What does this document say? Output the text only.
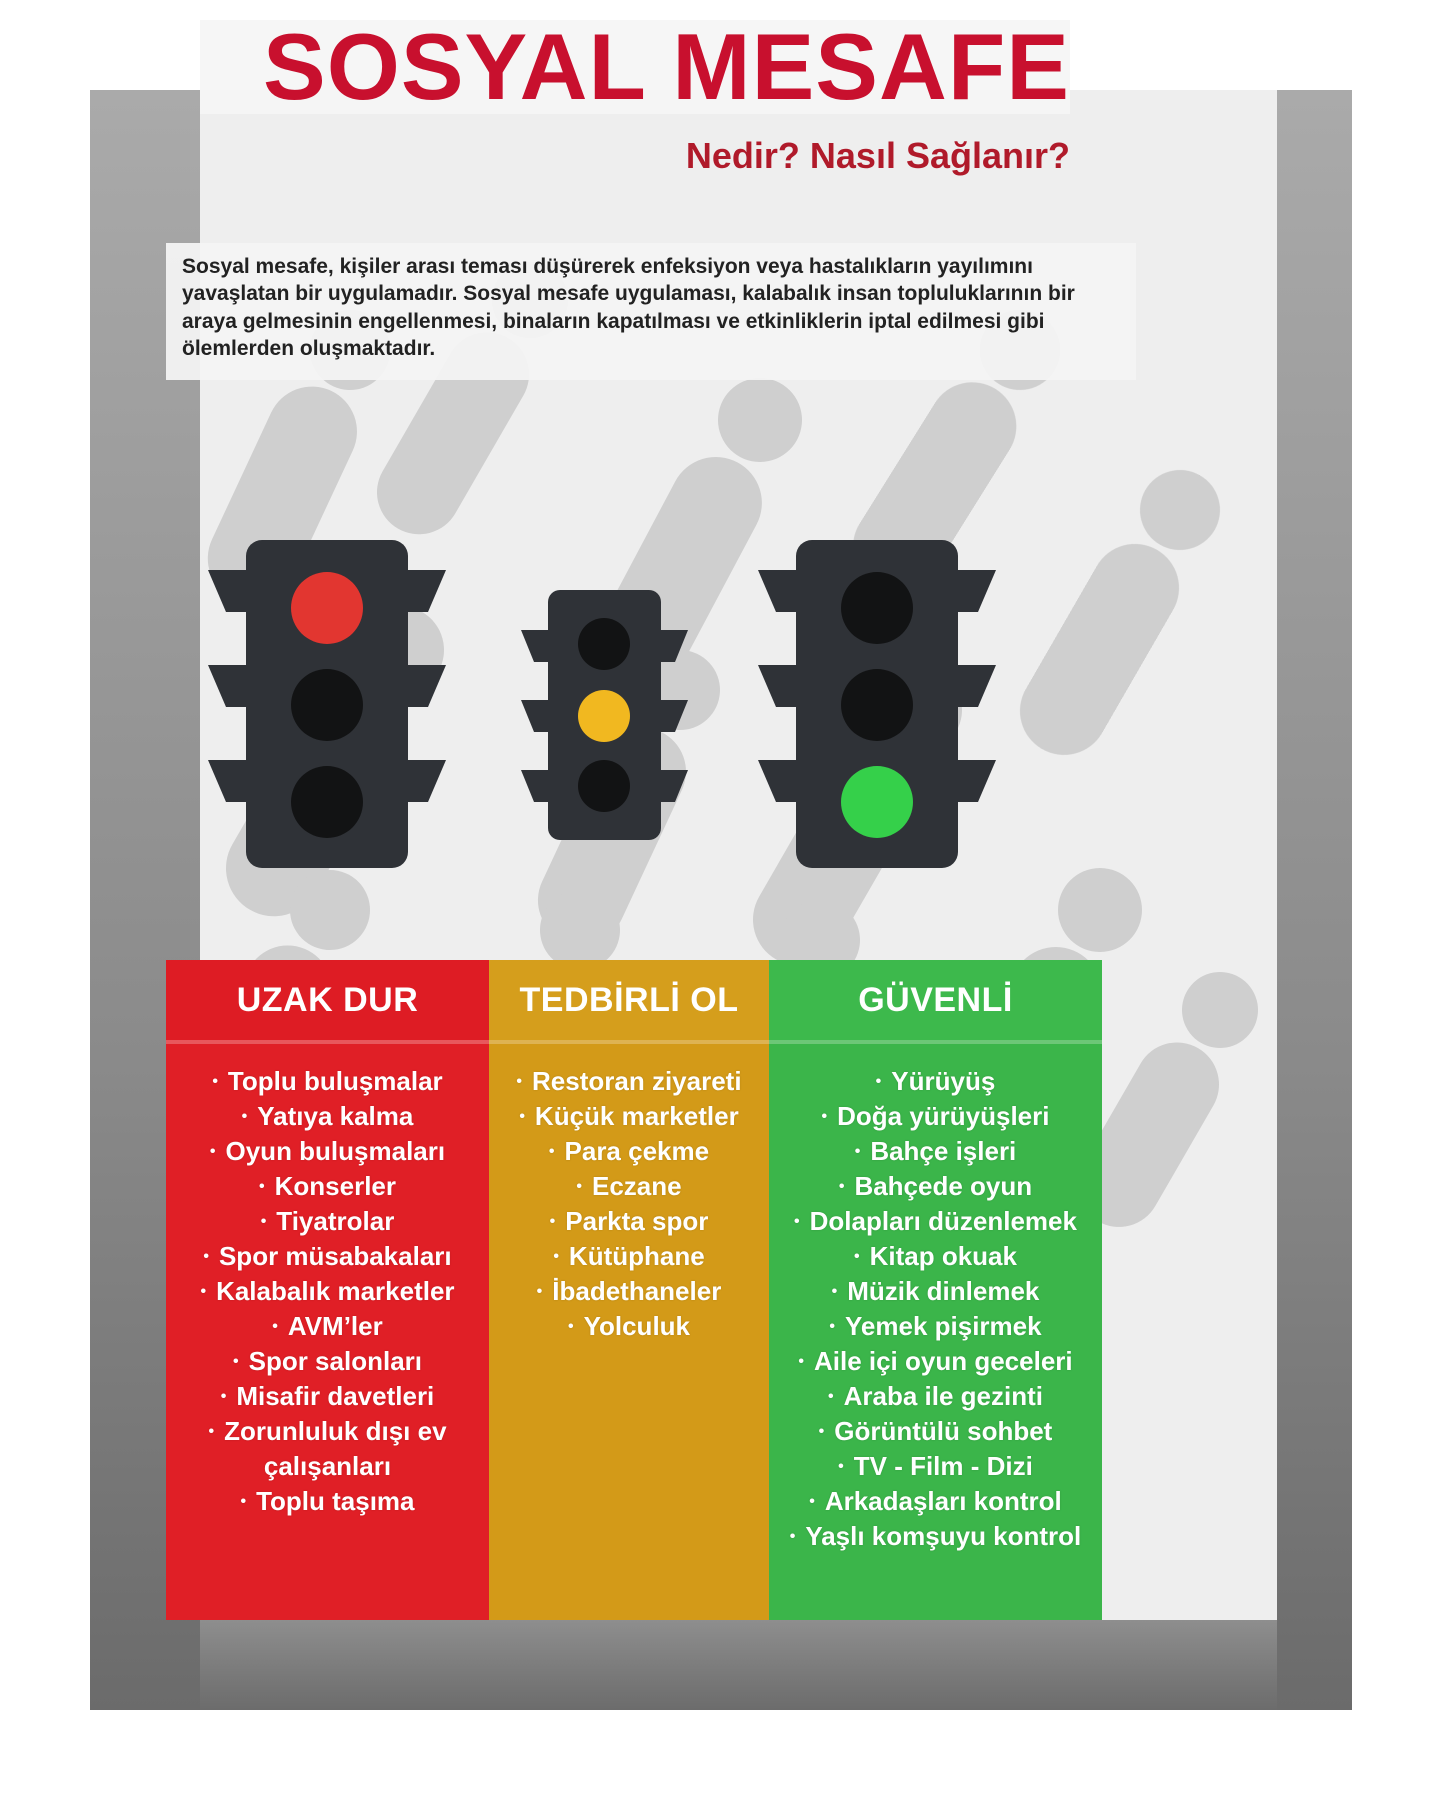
SOSYAL MESAFE
Nedir? Nasıl Sağlanır?
Sosyal mesafe, kişiler arası teması düşürerek enfeksiyon veya hastalıkların yayılımını yavaşlatan bir uygulamadır. Sosyal mesafe uygulaması, kalabalık insan topluluklarının bir araya gelmesinin engellenmesi, binaların kapatılması ve etkinliklerin iptal edilmesi gibi ölemlerden oluşmaktadır.
UZAK DUR
• Toplu buluşmalar
• Yatıya kalma
• Oyun buluşmaları
• Konserler
• Tiyatrolar
• Spor müsabakaları
• Kalabalık marketler
• AVM’ler
• Spor salonları
• Misafir davetleri
• Zorunluluk dışı ev
çalışanları
• Toplu taşıma
TEDBİRLİ OL
• Restoran ziyareti
• Küçük marketler
• Para çekme
• Eczane
• Parkta spor
• Kütüphane
• İbadethaneler
• Yolculuk
GÜVENLİ
• Yürüyüş
• Doğa yürüyüşleri
• Bahçe işleri
• Bahçede oyun
• Dolapları düzenlemek
• Kitap okuak
• Müzik dinlemek
• Yemek pişirmek
• Aile içi oyun geceleri
• Araba ile gezinti
• Görüntülü sohbet
• TV - Film - Dizi
• Arkadaşları kontrol
• Yaşlı komşuyu kontrol
